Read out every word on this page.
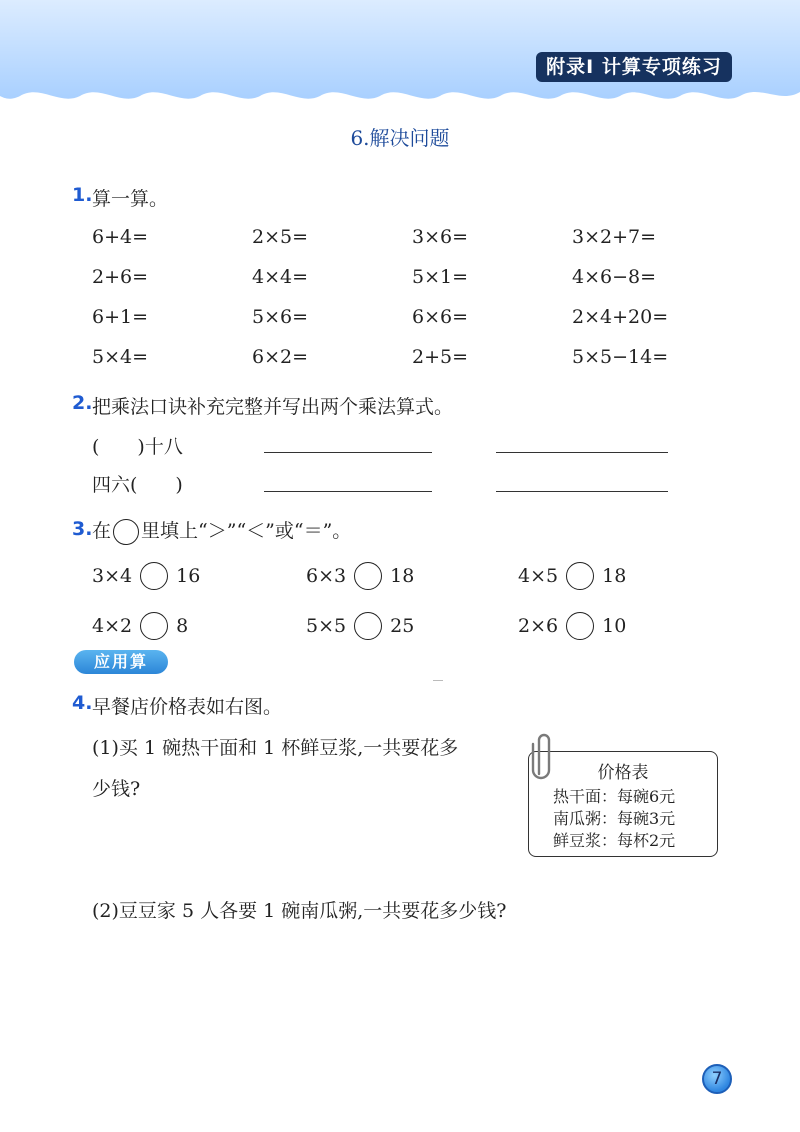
附录Ⅰ 计算专项练习
6.解决问题
1. 算一算。
6+4=	2×5=	3×6=	3×2+7=
2+6=	4×4=	5×1=	4×6−8=
6+1=	5×6=	6×6=	2×4+20=
5×4=	6×2=	2+5=	5×5−14=
2. 把乘法口诀补充完整并写出两个乘法算式。
(　　)十八
四六(　　)
3. 在 里填上“＞”“＜”或“＝”。
3×4 16	6×3 18	4×5 18
4×2 8	5×5 25	2×6 10
应用算
4. 早餐店价格表如右图。
(1)买 1 碗热干面和 1 杯鲜豆浆,一共要花多
少钱?
(2)豆豆家 5 人各要 1 碗南瓜粥,一共要花多少钱?
价格表
热干面：每碗6元
南瓜粥：每碗3元
鲜豆浆：每杯2元
7
